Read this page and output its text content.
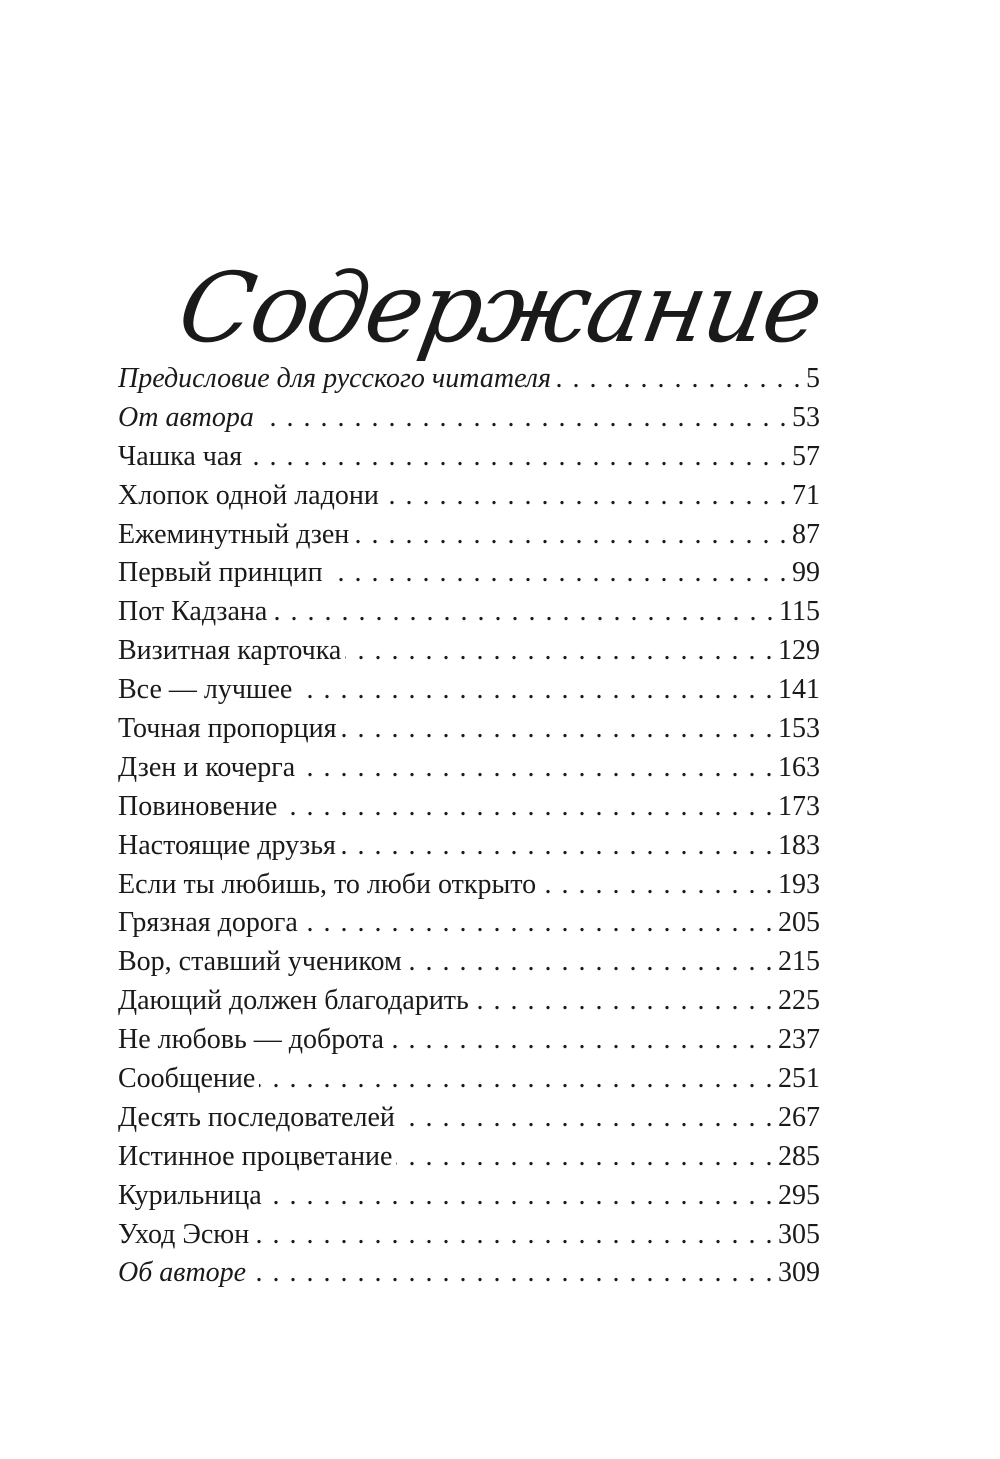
Содержание
Предисловие для русского читателя . . .	5
От автора . . .	53
Чашка чая . . .	57
Хлопок одной ладони . . .	71
Ежеминутный дзен . . .	87
Первый принцип . . .	99
Пот Кадзана . . .	115
Визитная карточка . . .	129
Все — лучшее . . .	141
Точная пропорция . . .	153
Дзен и кочерга . . .	163
Повиновение . . .	173
Настоящие друзья . . .	183
Если ты любишь, то люби открыто . . .	193
Грязная дорога . . .	205
Вор, ставший учеником . . .	215
Дающий должен благодарить . . .	225
Не любовь — доброта . . .	237
Сообщение . . .	251
Десять последователей . . .	267
Истинное процветание . . .	285
Курильница . . .	295
Уход Эсюн . . .	305
Об авторе . . .	309
